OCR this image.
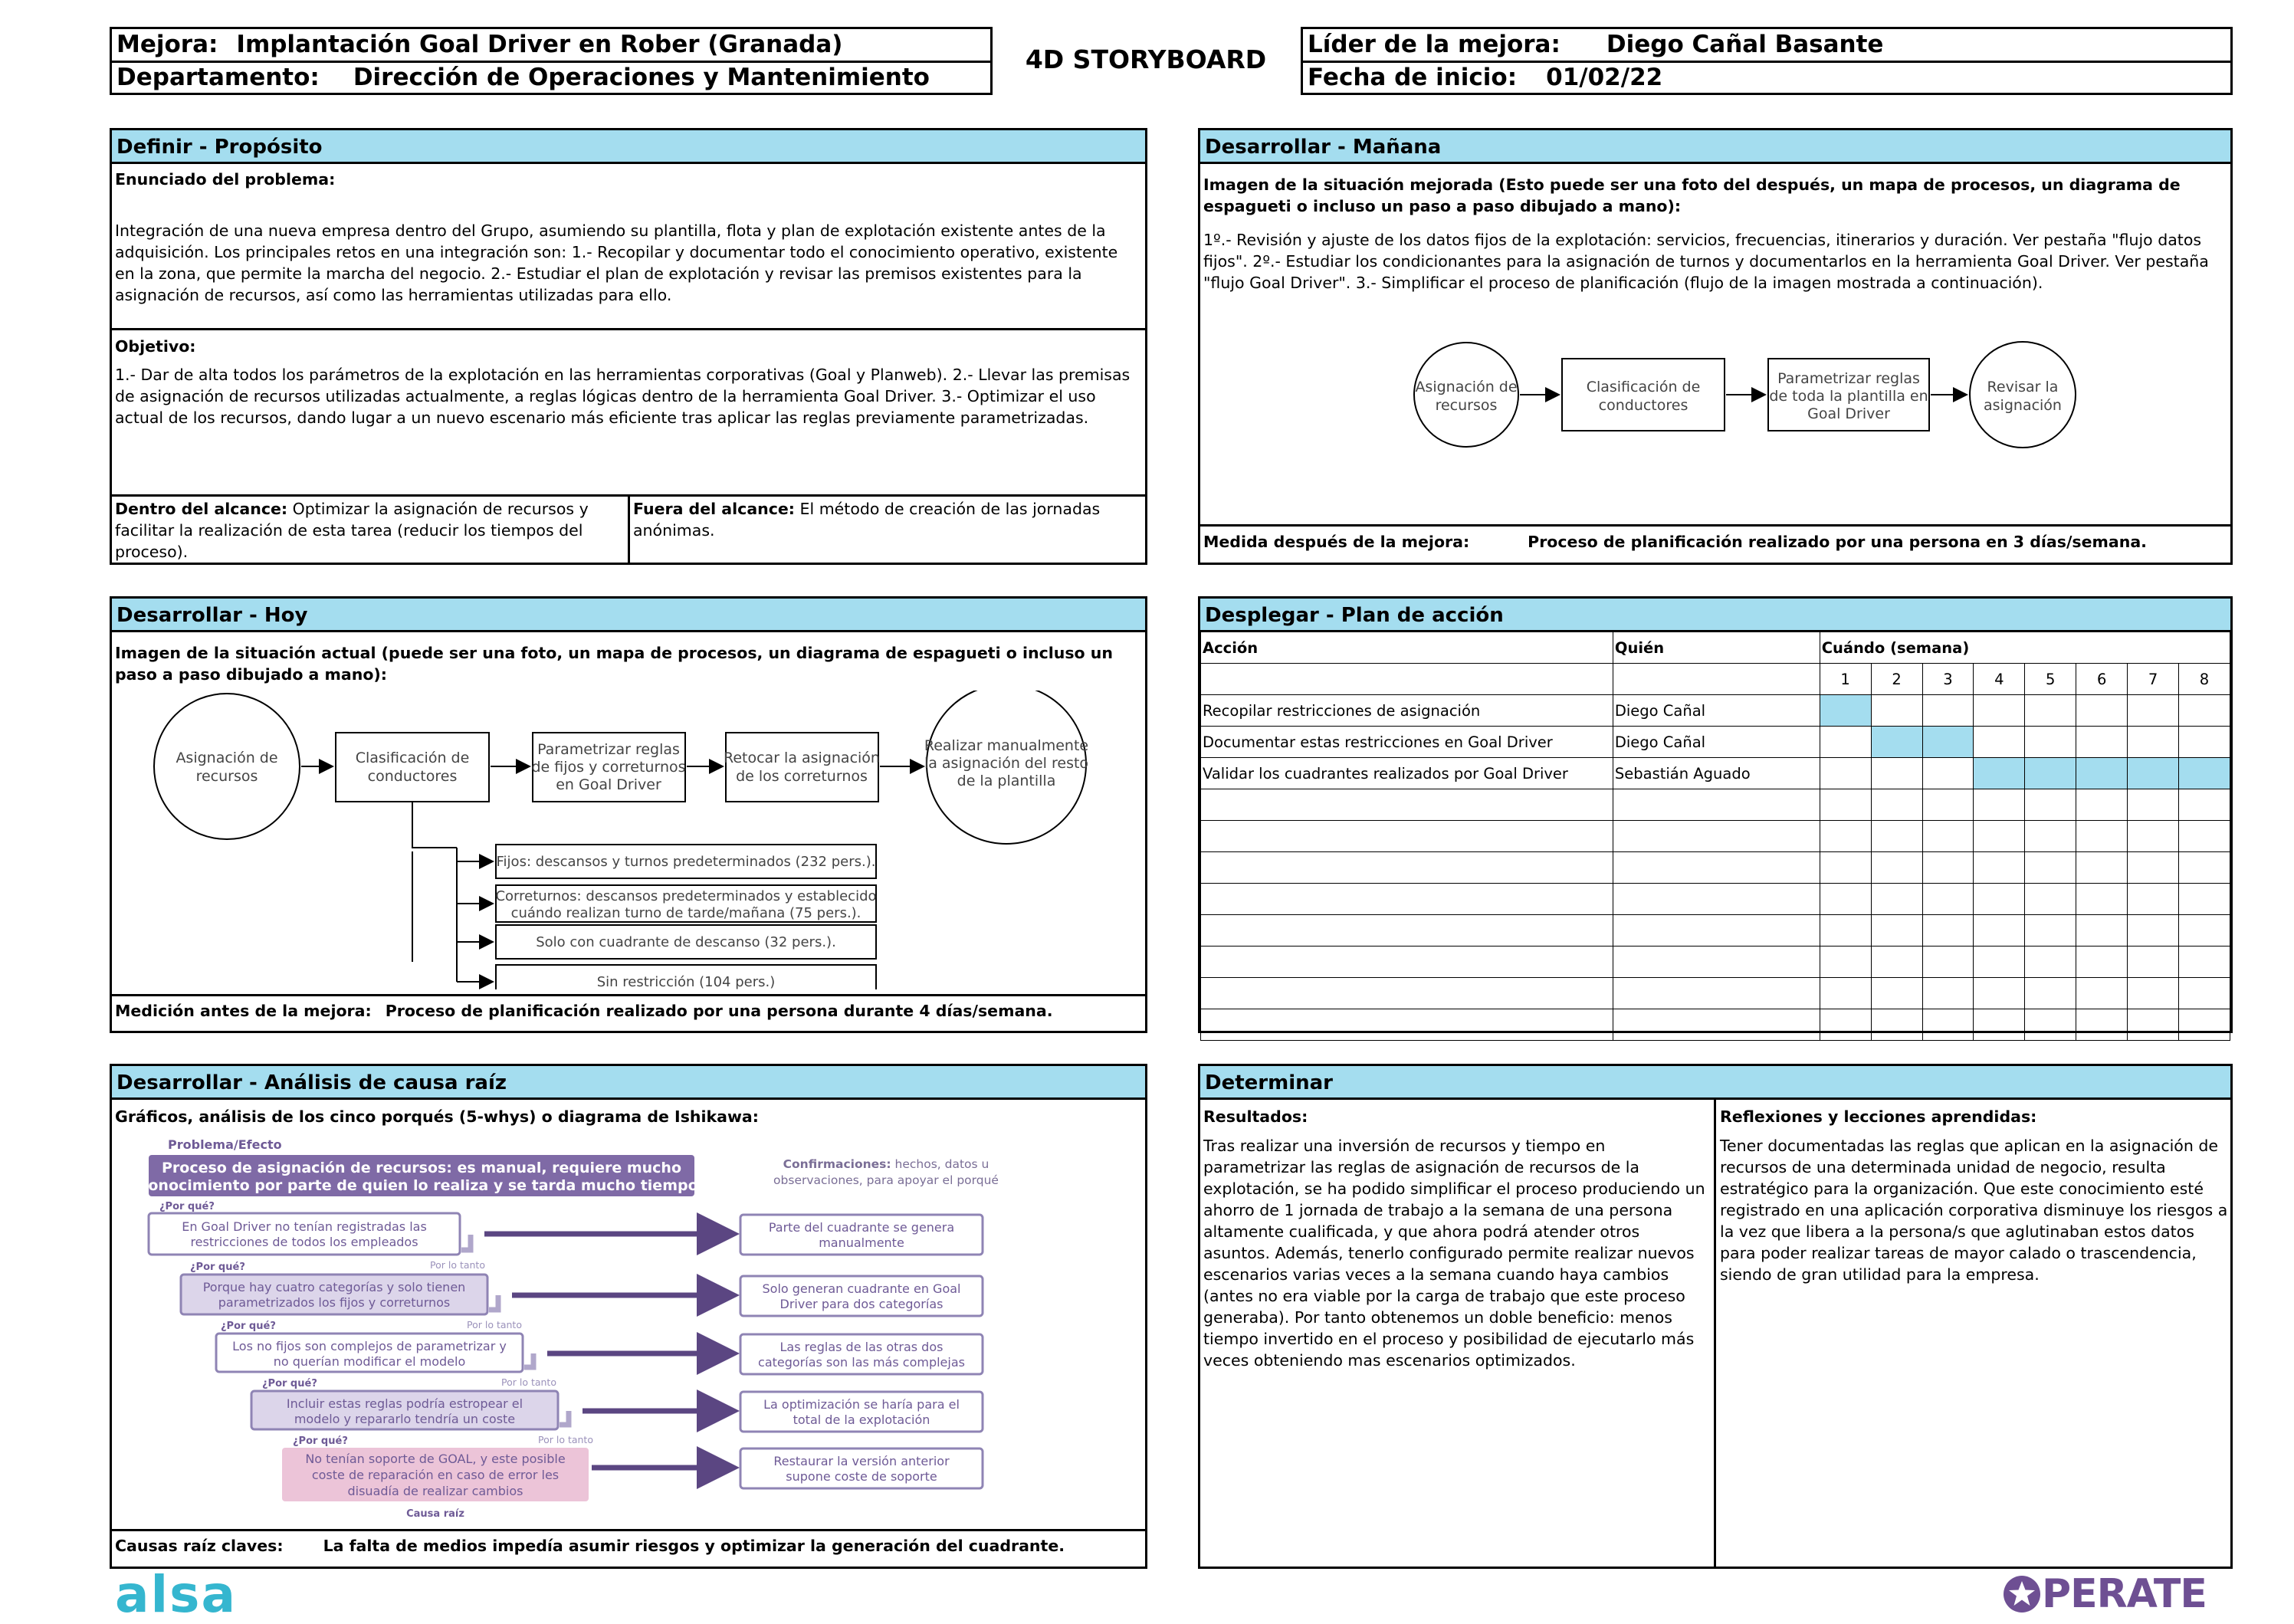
Mejora: Implantación Goal Driver en Rober (Granada)
Departamento: Dirección de Operaciones y Mantenimiento
4D STORYBOARD	Líder de la mejora: Diego Cañal Basante
Fecha de inicio: 01/02/22
Definir - Propósito
Enunciado del problema:
Integración de una nueva empresa dentro del Grupo, asumiendo su plantilla, flota y plan de explotación existente antes de la adquisición. Los principales retos en una integración son: 1.- Recopilar y documentar todo el conocimiento operativo, existente en la zona, que permite la marcha del negocio. 2.- Estudiar el plan de explotación y revisar las premisos existentes para la asignación de recursos, así como las herramientas utilizadas para ello.
Objetivo:
1.- Dar de alta todos los parámetros de la explotación en las herramientas corporativas (Goal y Planweb). 2.- Llevar las premisas de asignación de recursos utilizadas actualmente, a reglas lógicas dentro de la herramienta Goal Driver. 3.- Optimizar el uso actual de los recursos, dando lugar a un nuevo escenario más eficiente tras aplicar las reglas previamente parametrizadas.
Dentro del alcance: Optimizar la asignación de recursos y facilitar la realización de esta tarea (reducir los tiempos del proceso).
Fuera del alcance: El método de creación de las jornadas anónimas.
Desarrollar - Mañana
Imagen de la situación mejorada (Esto puede ser una foto del después, un mapa de procesos, un diagrama de espagueti o incluso un paso a paso dibujado a mano):
1º.- Revisión y ajuste de los datos fijos de la explotación: servicios, frecuencias, itinerarios y duración. Ver pestaña "flujo datos fijos". 2º.- Estudiar los condicionantes para la asignación de turnos y documentarlos en la herramienta Goal Driver. Ver pestaña "flujo Goal Driver". 3.- Simplificar el proceso de planificación (flujo de la imagen mostrada a continuación).
Asignación de recursos
Clasificación de conductores
Parametrizar reglas de toda la plantilla en Goal Driver
Revisar la asignación
Medida después de la mejora:	Proceso de planificación realizado por una persona en 3 días/semana.
Desarrollar - Hoy
Imagen de la situación actual (puede ser una foto, un mapa de procesos, un diagrama de espagueti o incluso un paso a paso dibujado a mano):
Asignación de recursos
Clasificación de conductores
Parametrizar reglas de fijos y correturnos en Goal Driver
Retocar la asignación de los correturnos
Realizar manualmente la asignación del resto de la plantilla
Fijos: descansos y turnos predeterminados (232 pers.).
Correturnos: descansos predeterminados y establecido cuándo realizan turno de tarde/mañana (75 pers.).
Solo con cuadrante de descanso (32 pers.).
Sin restricción (104 pers.)
Medición antes de la mejora: Proceso de planificación realizado por una persona durante 4 días/semana.
Desplegar - Plan de acción
Acción	Quién	Cuándo (semana)							
		1	2	3	4	5	6	7	8
Recopilar restricciones de asignación	Diego Cañal								
Documentar estas restricciones en Goal Driver	Diego Cañal								
Validar los cuadrantes realizados por Goal Driver	Sebastián Aguado								

Desarrollar - Análisis de causa raíz
Gráficos, análisis de los cinco porqués (5-whys) o diagrama de Ishikawa:
Problema/Efecto
Proceso de asignación de recursos: es manual, requiere mucho conocimiento por parte de quien lo realiza y se tarda mucho tiempo.
Confirmaciones: hechos, datos u observaciones, para apoyar el porqué
¿Por qué?
En Goal Driver no tenían registradas las restricciones de todos los empleados
Por lo tanto
Parte del cuadrante se genera manualmente
¿Por qué?
Porque hay cuatro categorías y solo tienen parametrizados los fijos y correturnos
Por lo tanto
Solo generan cuadrante en Goal Driver para dos categorías
¿Por qué?
Los no fijos son complejos de parametrizar y no querían modificar el modelo
Por lo tanto
Las reglas de las otras dos categorías son las más complejas
¿Por qué?
Incluir estas reglas podría estropear el modelo y repararlo tendría un coste
Por lo tanto
La optimización se haría para el total de la explotación
¿Por qué?
No tenían soporte de GOAL, y este posible coste de reparación en caso de error les disuadía de realizar cambios
Restaurar la versión anterior supone coste de soporte
Causa raíz
Causas raíz claves:	La falta de medios impedía asumir riesgos y optimizar la generación del cuadrante.
Determinar
Resultados:
Tras realizar una inversión de recursos y tiempo en parametrizar las reglas de asignación de recursos de la explotación, se ha podido simplificar el proceso produciendo un ahorro de 1 jornada de trabajo a la semana de una persona altamente cualificada, y que ahora podrá atender otros asuntos. Además, tenerlo configurado permite realizar nuevos escenarios varias veces a la semana cuando haya cambios (antes no era viable por la carga de trabajo que este proceso generaba). Por tanto obtenemos un doble beneficio: menos tiempo invertido en el proceso y posibilidad de ejecutarlo más veces obteniendo mas escenarios optimizados.
Reflexiones y lecciones aprendidas:
Tener documentadas las reglas que aplican en la asignación de recursos de una determinada unidad de negocio, resulta estratégico para la organización. Que este conocimiento esté registrado en una aplicación corporativa disminuye los riesgos a la vez que libera a la persona/s que aglutinaban estos datos para poder realizar tareas de mayor calado o trascendencia, siendo de gran utilidad para la empresa.
alsa	PERATE
